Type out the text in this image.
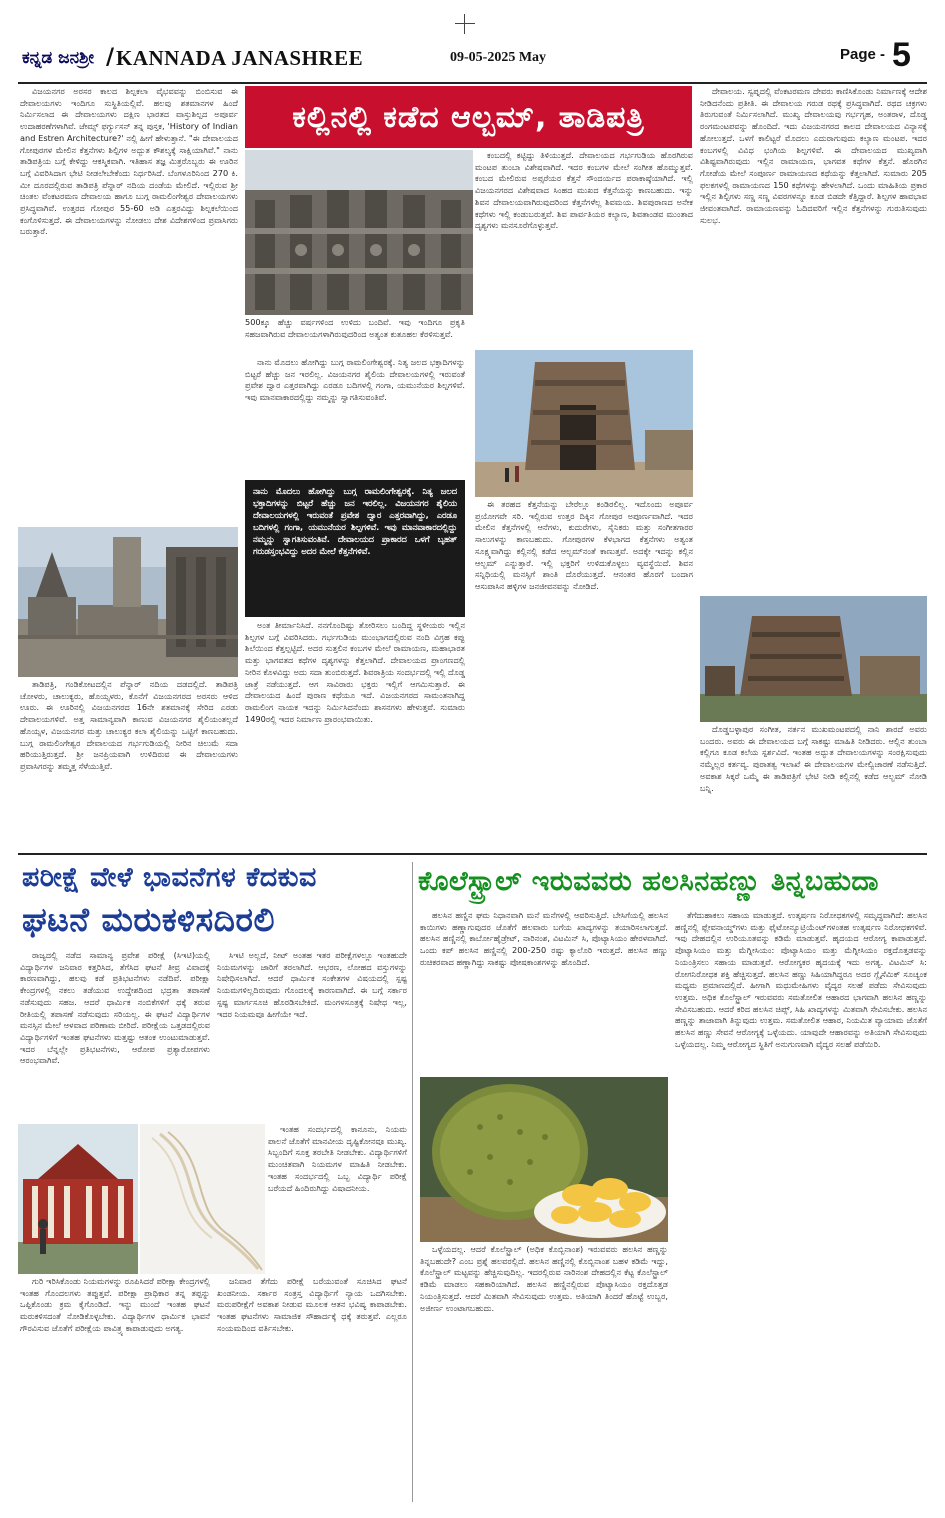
ಕನ್ನಡ ಜನಶ್ರೀ / KANNADA JANASHREE	09-05-2025 May	Page - 5

ವಿಜಯನಗರ ಅರಸರ ಕಾಲದ ಶಿಲ್ಪಕಲಾ ವೈಭವವನ್ನು ಬಿಂಬಿಸುವ ಈ ದೇವಾಲಯಗಳು ಇಂದಿಗೂ ಸುಸ್ಥಿತಿಯಲ್ಲಿವೆ. ಹಲವು ಶತಮಾನಗಳ ಹಿಂದೆ ನಿರ್ಮಿಸಲಾದ ಈ ದೇವಾಲಯಗಳು ದಕ್ಷಿಣ ಭಾರತದ ವಾಸ್ತುಶಿಲ್ಪದ ಅಪೂರ್ವ ಉದಾಹರಣೆಗಳಾಗಿವೆ. ಜೇಮ್ಸ್ ಫರ್ಗ್ಯುಸನ್ ತನ್ನ ಪುಸ್ತಕ, 'History of Indian and Estren Architecture?' ನಲ್ಲಿ ಹೀಗೆ ಹೇಳುತ್ತಾನೆ. "ಈ ದೇವಾಲಯದ ಗೋಪುರಗಳ ಮೇಲಿನ ಕೆತ್ತನೆಗಳು ಶಿಲ್ಪಿಗಳ ಅದ್ಭುತ ಕೌಶಲ್ಯಕ್ಕೆ ಸಾಕ್ಷಿಯಾಗಿವೆ." ನಾನು ತಾಡಿಪತ್ರಿಯ ಬಗ್ಗೆ ಕೇಳಿದ್ದು ಆಕಸ್ಮಿಕವಾಗಿ. ಇತಿಹಾಸ ತಜ್ಞ ಮಿತ್ರರೊಬ್ಬರು ಈ ಊರಿನ ಬಗ್ಗೆ ವಿವರಿಸಿದಾಗ ಭೇಟಿ ನೀಡಲೇಬೇಕೆಂದು ನಿರ್ಧರಿಸಿದೆ. ಬೆಂಗಳೂರಿನಿಂದ 270 ಕಿ. ಮೀ ದೂರದಲ್ಲಿರುವ ತಾಡಿಪತ್ರಿ ಪೆನ್ನಾರ್ ನದಿಯ ದಂಡೆಯ ಮೇಲಿದೆ. ಇಲ್ಲಿರುವ ಶ್ರೀ ಚಿಂತಲ ವೆಂಕಟರಮಣ ದೇವಾಲಯ ಹಾಗೂ ಬುಗ್ಗ ರಾಮಲಿಂಗೇಶ್ವರ ದೇವಾಲಯಗಳು ಪ್ರಸಿದ್ಧವಾಗಿವೆ. ಉತ್ತರದ ಗೋಪುರ 55-60 ಅಡಿ ಎತ್ತರವಿದ್ದು ಶಿಲ್ಪಕಲೆಯಿಂದ ಕಂಗೊಳಿಸುತ್ತದೆ. ಈ ದೇವಾಲಯಗಳನ್ನು ನೋಡಲು ದೇಶ ವಿದೇಶಗಳಿಂದ ಪ್ರವಾಸಿಗರು ಬರುತ್ತಾರೆ.

ತಾಡಿಪತ್ರಿ, ಗಂಡಿಕೋಟದಲ್ಲಿನ ಪೆನ್ನಾರ್ ನದಿಯ ದಡದಲ್ಲಿದೆ. ತಾಡಿಪತ್ರಿ ಚೋಳರು, ಚಾಲುಕ್ಯರು, ಹೊಯ್ಸಳರು, ಕೊನೆಗೆ ವಿಜಯನಗರದ ಅರಸರು ಆಳಿದ ಊರು. ಈ ಊರಿನಲ್ಲಿ ವಿಜಯನಗರದ 16ನೇ ಶತಮಾನಕ್ಕೆ ಸೇರಿದ ಎರಡು ದೇವಾಲಯಗಳಿವೆ. ಅತ್ತ ಸಾಮಾನ್ಯವಾಗಿ ಕಾಣುವ ವಿಜಯನಗರ ಶೈಲಿಯಂತಲ್ಲದೆ ಹೊಯ್ಸಳ, ವಿಜಯನಗರ ಮತ್ತು ಚಾಲುಕ್ಯರ ಕಲಾ ಶೈಲಿಯನ್ನು ಒಟ್ಟಿಗೆ ಕಾಣಬಹುದು. ಬುಗ್ಗ ರಾಮಲಿಂಗೇಶ್ವರ ದೇವಾಲಯದ ಗರ್ಭಗುಡಿಯಲ್ಲಿ ನೀರಿನ ಚಿಲುಮೆ ಸದಾ ಹರಿಯುತ್ತಿರುತ್ತದೆ. ಶ್ರೀ ಜನಪ್ರಿಯವಾಗಿ ಉಳಿದಿರುವ ಈ ದೇವಾಲಯಗಳು ಪ್ರವಾಸಿಗರನ್ನು ತಮ್ಮತ್ತ ಸೆಳೆಯುತ್ತಿವೆ.

ಕಲ್ಲಿನಲ್ಲಿ ಕಡೆದ ಆಲ್ಬಮ್, ತಾಡಿಪತ್ರಿ
500ಕ್ಕೂ ಹೆಚ್ಚು ವರ್ಷಗಳಿಂದ ಉಳಿದು ಬಂದಿವೆ. ಇವು ಇಂದಿಗೂ ಪ್ರಕೃತಿ ಸಹಜವಾಗಿರುವ ದೇವಾಲಯಗಳಾಗಿರುವುದರಿಂದ ಅತ್ಯಂತ ಕುತೂಹಲ ಕೆರಳಿಸುತ್ತವೆ.

ನಾನು ಮೊದಲು ಹೋಗಿದ್ದು ಬುಗ್ಗ ರಾಮಲಿಂಗೇಶ್ವರಕ್ಕೆ. ನಿತ್ಯ ಜಲದ ಭಕ್ತಾದಿಗಳನ್ನು ಬಿಟ್ಟರೆ ಹೆಚ್ಚು ಜನ ಇರಲಿಲ್ಲ. ವಿಜಯನಗರ ಶೈಲಿಯ ದೇವಾಲಯಗಳಲ್ಲಿ ಇರುವಂತೆ ಪ್ರವೇಶ ದ್ವಾರ ಎತ್ತರವಾಗಿದ್ದು ಎರಡೂ ಬದಿಗಳಲ್ಲಿ ಗಂಗಾ, ಯಮುನೆಯರ ಶಿಲ್ಪಗಳಿವೆ. ಇವು ಮಾನವಾಕಾರದಲ್ಲಿದ್ದು ನಮ್ಮನ್ನು ಸ್ವಾಗತಿಸುವಂತಿವೆ.

ನಾನು ಮೊದಲು ಹೋಗಿದ್ದು ಬುಗ್ಗ ರಾಮಲಿಂಗೇಶ್ವರಕ್ಕೆ. ನಿತ್ಯ ಜಲದ ಭಕ್ತಾದಿಗಳನ್ನು ಬಿಟ್ಟರೆ ಹೆಚ್ಚು ಜನ ಇರಲಿಲ್ಲ. ವಿಜಯನಗರ ಶೈಲಿಯ ದೇವಾಲಯಗಳಲ್ಲಿ ಇರುವಂತೆ ಪ್ರವೇಶ ದ್ವಾರ ಎತ್ತರವಾಗಿದ್ದು, ಎರಡೂ ಬದಿಗಳಲ್ಲಿ ಗಂಗಾ, ಯಮುನೆಯರ ಶಿಲ್ಪಗಳಿವೆ. ಇವು ಮಾನವಾಕಾರದಲ್ಲಿದ್ದು ನಮ್ಮನ್ನು ಸ್ವಾಗತಿಸುವಂತಿವೆ. ದೇವಾಲಯದ ಪ್ರಾಕಾರದ ಒಳಗೆ ಬೃಹತ್ ಗರುಡಸ್ತಂಭವಿದ್ದು ಅದರ ಮೇಲೆ ಕೆತ್ತನೆಗಳಿವೆ.

ಅಂತ ತೀರ್ಮಾನಿಸಿದೆ. ನನಗೊಂದಿಷ್ಟು ತೋರಿಸಲು ಬಂದಿದ್ದ ಸ್ಥಳೀಯರು ಇಲ್ಲಿನ ಶಿಲ್ಪಗಳ ಬಗ್ಗೆ ವಿವರಿಸಿದರು. ಗರ್ಭಗುಡಿಯ ಮುಂಭಾಗದಲ್ಲಿರುವ ನಂದಿ ವಿಗ್ರಹ ಕಪ್ಪು ಶಿಲೆಯಿಂದ ಕೆತ್ತಲ್ಪಟ್ಟಿದೆ. ಅದರ ಸುತ್ತಲಿನ ಕಂಬಗಳ ಮೇಲೆ ರಾಮಾಯಣ, ಮಹಾಭಾರತ ಮತ್ತು ಭಾಗವತದ ಕಥೆಗಳ ದೃಶ್ಯಗಳನ್ನು ಕೆತ್ತಲಾಗಿದೆ. ದೇವಾಲಯದ ಪ್ರಾಂಗಣದಲ್ಲಿ ನೀರಿನ ಕೊಳವಿದ್ದು ಅದು ಸದಾ ತುಂಬಿರುತ್ತದೆ. ಶಿವರಾತ್ರಿಯ ಸಂದರ್ಭದಲ್ಲಿ ಇಲ್ಲಿ ದೊಡ್ಡ ಜಾತ್ರೆ ನಡೆಯುತ್ತದೆ. ಆಗ ಸಾವಿರಾರು ಭಕ್ತರು ಇಲ್ಲಿಗೆ ಆಗಮಿಸುತ್ತಾರೆ. ಈ ದೇವಾಲಯದ ಹಿಂದೆ ಪುರಾಣ ಕಥೆಯೂ ಇದೆ. ವಿಜಯನಗರದ ಸಾಮಂತನಾಗಿದ್ದ ರಾಮಲಿಂಗ ನಾಯಕ ಇದನ್ನು ನಿರ್ಮಿಸಿದನೆಂದು ಶಾಸನಗಳು ಹೇಳುತ್ತವೆ. ಸುಮಾರು 1490ರಲ್ಲಿ ಇದರ ನಿರ್ಮಾಣ ಪ್ರಾರಂಭವಾಯಿತು.

ಕಂಬದಲ್ಲಿ ಕಟ್ಟಿದ್ದು ತಿಳಿಯುತ್ತದೆ. ದೇವಾಲಯದ ಗರ್ಭಗುಡಿಯ ಹೊರಗಿರುವ ಮಂಟಪ ತುಂಬಾ ವಿಶೇಷವಾಗಿದೆ. ಇದರ ಕಂಬಗಳ ಮೇಲೆ ಸಂಗೀತ ಹೊಮ್ಮುತ್ತವೆ. ಕಂಬದ ಮೇಲಿರುವ ಅಪ್ಸರೆಯರ ಕೆತ್ತನೆ ಸೌಂದರ್ಯದ ಪರಾಕಾಷ್ಠೆಯಾಗಿದೆ. ಇಲ್ಲಿ ವಿಜಯನಗರದ ವಿಶೇಷವಾದ ಸಿಂಹದ ಮುಖದ ಕೆತ್ತನೆಯನ್ನು ಕಾಣಬಹುದು. ಇನ್ನು ಶಿವನ ದೇವಾಲಯವಾಗಿರುವುದರಿಂದ ಕೆತ್ತನೆಗಳೆಲ್ಲ ಶಿವಮಯ. ಶಿವಪುರಾಣದ ಅನೇಕ ಕಥೆಗಳು ಇಲ್ಲಿ ಕಂಡುಬರುತ್ತವೆ. ಶಿವ ಪಾರ್ವತಿಯರ ಕಲ್ಯಾಣ, ಶಿವತಾಂಡವ ಮುಂತಾದ ದೃಶ್ಯಗಳು ಮನಸೂರೆಗೊಳ್ಳುತ್ತವೆ.

ಈ ತರಹದ ಕೆತ್ತನೆಯನ್ನು ಬೇರೆಲ್ಲೂ ಕಂಡಿರಲಿಲ್ಲ. ಇದೊಂದು ಅಪೂರ್ವ ಪ್ರಯೋಗವೇ ಸರಿ. ಇಲ್ಲಿರುವ ಉತ್ತರ ದಿಕ್ಕಿನ ಗೋಪುರ ಅಪೂರ್ಣವಾಗಿದೆ. ಇದರ ಮೇಲಿನ ಕೆತ್ತನೆಗಳಲ್ಲಿ ಆನೆಗಳು, ಕುದುರೆಗಳು, ಸೈನಿಕರು ಮತ್ತು ಸಂಗೀತಗಾರರ ಸಾಲುಗಳನ್ನು ಕಾಣಬಹುದು. ಗೋಪುರಗಳ ಕೆಳಭಾಗದ ಕೆತ್ತನೆಗಳು ಅತ್ಯಂತ ಸೂಕ್ಷ್ಮವಾಗಿದ್ದು ಕಲ್ಲಿನಲ್ಲಿ ಕಡೆದ ಆಲ್ಬಮ್‌ನಂತೆ ಕಾಣುತ್ತವೆ. ಅದಕ್ಕೇ ಇದನ್ನು ಕಲ್ಲಿನ ಆಲ್ಬಮ್ ಎನ್ನುತ್ತಾರೆ. ಇಲ್ಲಿ ಭಕ್ತರಿಗೆ ಉಳಿದುಕೊಳ್ಳಲು ವ್ಯವಸ್ಥೆಯಿದೆ. ಶಿವನ ಸನ್ನಿಧಿಯಲ್ಲಿ ಮನಸ್ಸಿಗೆ ಶಾಂತಿ ದೊರೆಯುತ್ತದೆ. ಆನಂತರ ಹೊರಗೆ ಬಂದಾಗ ಆಸುಪಾಸಿನ ಹಳ್ಳಿಗಳ ಜನಜೀವನವನ್ನು ನೋಡಿದೆ.

ದೇವಾಲಯ. ಸ್ವಪ್ನದಲ್ಲಿ ವೆಂಕಟರಮಣ ದೇವರು ಕಾಣಿಸಿಕೊಂಡು ನಿರ್ಮಾಣಕ್ಕೆ ಆದೇಶ ನೀಡಿದನೆಂದು ಪ್ರತೀತಿ. ಈ ದೇವಾಲಯ ಗರುಡ ರಥಕ್ಕೆ ಪ್ರಸಿದ್ಧವಾಗಿದೆ. ರಥದ ಚಕ್ರಗಳು ತಿರುಗುವಂತೆ ನಿರ್ಮಿಸಲಾಗಿದೆ. ಮುಖ್ಯ ದೇವಾಲಯವು ಗರ್ಭಗೃಹ, ಅಂತರಾಳ, ದೊಡ್ಡ ರಂಗಮಂಟಪವನ್ನು ಹೊಂದಿದೆ. ಇದು ವಿಜಯನಗರದ ಕಾಲದ ದೇವಾಲಯದ ವಿನ್ಯಾಸಕ್ಕೆ ಹೋಲುತ್ತದೆ. ಒಳಗೆ ಕಾಲಿಟ್ಟರೆ ಮೊದಲು ಎದುರಾಗುವುದು ಕಲ್ಯಾಣ ಮಂಟಪ. ಇದರ ಕಂಬಗಳಲ್ಲಿ ವಿವಿಧ ಭಂಗಿಯ ಶಿಲ್ಪಗಳಿವೆ. ಈ ದೇವಾಲಯದ ಮುಖ್ಯವಾಗಿ ವಿಶಿಷ್ಟವಾಗಿರುವುದು ಇಲ್ಲಿನ ರಾಮಾಯಣ, ಭಾಗವತ ಕಥೆಗಳ ಕೆತ್ತನೆ. ಹೊರಗಿನ ಗೋಡೆಯ ಮೇಲೆ ಸಂಪೂರ್ಣ ರಾಮಾಯಣದ ಕಥೆಯನ್ನು ಕೆತ್ತಲಾಗಿದೆ. ಸುಮಾರು 205 ಫಲಕಗಳಲ್ಲಿ ರಾಮಾಯಣದ 150 ಕಥೆಗಳನ್ನು ಹೇಳಲಾಗಿದೆ. ಒಂದು ಮಾಹಿತಿಯ ಪ್ರಕಾರ ಇಲ್ಲಿನ ಶಿಲ್ಪಿಗಳು ಸಣ್ಣ ಸಣ್ಣ ವಿವರಗಳನ್ನೂ ಕೂಡ ಬಿಡದೇ ಕೆತ್ತಿದ್ದಾರೆ. ಶಿಲ್ಪಗಳ ಹಾವಭಾವ ಜೀವಂತವಾಗಿದೆ. ರಾಮಾಯಣವನ್ನು ಓದಿದವರಿಗೆ ಇಲ್ಲಿನ ಕೆತ್ತನೆಗಳನ್ನು ಗುರುತಿಸುವುದು ಸುಲಭ.

ದೊಡ್ಡಬಳ್ಳಾಪುರ ಸಂಗೀತ, ನರ್ತನ ಮುಖಮಂಟಪದಲ್ಲಿ ನಾನಿ ಶಾರದೆ ಅವರು ಬಂದರು. ಅವರು ಈ ದೇವಾಲಯದ ಬಗ್ಗೆ ಸಾಕಷ್ಟು ಮಾಹಿತಿ ನೀಡಿದರು. ಆಲ್ಲಿನ ತುಂಬಾ ಕಲ್ಲಿಗೂ ಕೂಡ ಕಲೆಯ ಸ್ಪರ್ಶವಿದೆ. ಇಂತಹ ಅದ್ಭುತ ದೇವಾಲಯಗಳನ್ನು ಸಂರಕ್ಷಿಸುವುದು ನಮ್ಮೆಲ್ಲರ ಕರ್ತವ್ಯ. ಪುರಾತತ್ವ ಇಲಾಖೆ ಈ ದೇವಾಲಯಗಳ ಮೇಲ್ವಿಚಾರಣೆ ನಡೆಸುತ್ತಿದೆ. ಅವಕಾಶ ಸಿಕ್ಕರೆ ಒಮ್ಮೆ ಈ ತಾಡಿಪತ್ರಿಗೆ ಭೇಟಿ ನೀಡಿ ಕಲ್ಲಿನಲ್ಲಿ ಕಡೆದ ಆಲ್ಬಮ್ ನೋಡಿ ಬನ್ನಿ.

ಪರೀಕ್ಷೆ ವೇಳೆ ಭಾವನೆಗಳ ಕೆದಕುವ
ಘಟನೆ ಮರುಕಳಿಸದಿರಲಿ

ರಾಜ್ಯದಲ್ಲಿ ನಡೆದ ಸಾಮಾನ್ಯ ಪ್ರವೇಶ ಪರೀಕ್ಷೆ (ಸಿಇಟಿ)ಯಲ್ಲಿ ವಿದ್ಯಾರ್ಥಿಗಳ ಜನಿವಾರ ಕತ್ತರಿಸಿದ, ತೆಗೆಸಿದ ಘಟನೆ ತೀವ್ರ ವಿವಾದಕ್ಕೆ ಕಾರಣವಾಗಿದ್ದು, ಹಲವು ಕಡೆ ಪ್ರತಿಭಟನೆಗಳು ನಡೆದಿವೆ. ಪರೀಕ್ಷಾ ಕೇಂದ್ರಗಳಲ್ಲಿ ನಕಲು ತಡೆಯುವ ಉದ್ದೇಶದಿಂದ ಭದ್ರತಾ ತಪಾಸಣೆ ನಡೆಸುವುದು ಸಹಜ. ಆದರೆ ಧಾರ್ಮಿಕ ನಂಬಿಕೆಗಳಿಗೆ ಧಕ್ಕೆ ತರುವ ರೀತಿಯಲ್ಲಿ ತಪಾಸಣೆ ನಡೆಸುವುದು ಸರಿಯಲ್ಲ. ಈ ಘಟನೆ ವಿದ್ಯಾರ್ಥಿಗಳ ಮನಸ್ಸಿನ ಮೇಲೆ ಆಳವಾದ ಪರಿಣಾಮ ಬೀರಿದೆ. ಪರೀಕ್ಷೆಯ ಒತ್ತಡದಲ್ಲಿರುವ ವಿದ್ಯಾರ್ಥಿಗಳಿಗೆ ಇಂತಹ ಘಟನೆಗಳು ಮತ್ತಷ್ಟು ಆತಂಕ ಉಂಟುಮಾಡುತ್ತವೆ. ಇದರ ಬೆನ್ನಲ್ಲೇ ಪ್ರತಿಭಟನೆಗಳು, ಆರೋಪ ಪ್ರತ್ಯಾರೋಪಗಳು ಆರಂಭವಾಗಿವೆ.

ಸಿಇಟಿ ಅಲ್ಲದೆ, ನೀಟ್ ಅಂತಹ ಇತರ ಪರೀಕ್ಷೆಗಳಲ್ಲೂ ಇಂತಹುದೇ ನಿಯಮಗಳನ್ನು ಜಾರಿಗೆ ತರಲಾಗಿದೆ. ಆಭರಣ, ಲೋಹದ ವಸ್ತುಗಳನ್ನು ನಿಷೇಧಿಸಲಾಗಿದೆ. ಆದರೆ ಧಾರ್ಮಿಕ ಸಂಕೇತಗಳ ವಿಷಯದಲ್ಲಿ ಸ್ಪಷ್ಟ ನಿಯಮಗಳಿಲ್ಲದಿರುವುದು ಗೊಂದಲಕ್ಕೆ ಕಾರಣವಾಗಿದೆ. ಈ ಬಗ್ಗೆ ಸರ್ಕಾರ ಸ್ಪಷ್ಟ ಮಾರ್ಗಸೂಚಿ ಹೊರಡಿಸಬೇಕಿದೆ. ಮಂಗಳಸೂತ್ರಕ್ಕೆ ನಿಷೇಧ ಇಲ್ಲ, ಇದರ ನಿಯಮವೂ ಹೀಗೆಯೇ ಇದೆ.

ಇಂತಹ ಸಂದರ್ಭದಲ್ಲಿ ಕಾನೂನು, ನಿಯಮ ಪಾಲನೆ ಜೊತೆಗೆ ಮಾನವೀಯ ದೃಷ್ಟಿಕೋನವೂ ಮುಖ್ಯ. ಸಿಬ್ಬಂದಿಗೆ ಸೂಕ್ತ ತರಬೇತಿ ನೀಡಬೇಕು. ವಿದ್ಯಾರ್ಥಿಗಳಿಗೆ ಮುಂಚಿತವಾಗಿ ನಿಯಮಗಳ ಮಾಹಿತಿ ನೀಡಬೇಕು. ಇಂತಹ ಸಂದರ್ಭದಲ್ಲಿ ಒಬ್ಬ ವಿದ್ಯಾರ್ಥಿ ಪರೀಕ್ಷೆ ಬರೆಯದೆ ಹಿಂದಿರುಗಿದ್ದು ವಿಷಾದನೀಯ.

ಗುರಿ ಇರಿಸಿಕೊಂಡು ನಿಯಮಗಳನ್ನು ರೂಪಿಸಿದರೆ ಪರೀಕ್ಷಾ ಕೇಂದ್ರಗಳಲ್ಲಿ ಇಂತಹ ಗೊಂದಲಗಳು ತಪ್ಪುತ್ತವೆ. ಪರೀಕ್ಷಾ ಪ್ರಾಧಿಕಾರ ತನ್ನ ತಪ್ಪನ್ನು ಒಪ್ಪಿಕೊಂಡು ಕ್ರಮ ಕೈಗೊಂಡಿದೆ. ಇನ್ನು ಮುಂದೆ ಇಂತಹ ಘಟನೆ ಮರುಕಳಿಸದಂತೆ ನೋಡಿಕೊಳ್ಳಬೇಕು. ವಿದ್ಯಾರ್ಥಿಗಳ ಧಾರ್ಮಿಕ ಭಾವನೆ ಗೌರವಿಸುವ ಜೊತೆಗೆ ಪರೀಕ್ಷೆಯ ಪಾವಿತ್ರ್ಯ ಕಾಪಾಡುವುದು ಅಗತ್ಯ.

ಜನಿವಾರ ತೆಗೆದು ಪರೀಕ್ಷೆ ಬರೆಯುವಂತೆ ಸೂಚಿಸಿದ ಘಟನೆ ಖಂಡನೀಯ. ಸರ್ಕಾರ ಸಂತ್ರಸ್ತ ವಿದ್ಯಾರ್ಥಿಗೆ ನ್ಯಾಯ ಒದಗಿಸಬೇಕು. ಮರುಪರೀಕ್ಷೆಗೆ ಅವಕಾಶ ನೀಡುವ ಮೂಲಕ ಆತನ ಭವಿಷ್ಯ ಕಾಪಾಡಬೇಕು. ಇಂತಹ ಘಟನೆಗಳು ಸಾಮಾಜಿಕ ಸೌಹಾರ್ದಕ್ಕೆ ಧಕ್ಕೆ ತರುತ್ತವೆ. ಎಲ್ಲರೂ ಸಂಯಮದಿಂದ ವರ್ತಿಸಬೇಕು.

ಕೊಲೆಸ್ಟ್ರಾಲ್ ಇರುವವರು ಹಲಸಿನಹಣ್ಣು ತಿನ್ನಬಹುದಾ

ಹಲಸಿನ ಹಣ್ಣಿನ ಘಮ ನಿಧಾನವಾಗಿ ಮನೆ ಮನೆಗಳಲ್ಲಿ ಆವರಿಸುತ್ತಿದೆ. ಬೇಸಿಗೆಯಲ್ಲಿ ಹಲಸಿನ ಕಾಯಿಗಳು ಹಣ್ಣಾಗುವುದರ ಜೊತೆಗೆ ಹಲವಾರು ಬಗೆಯ ಖಾದ್ಯಗಳನ್ನು ತಯಾರಿಸಲಾಗುತ್ತದೆ. ಹಲಸಿನ ಹಣ್ಣಿನಲ್ಲಿ ಕಾರ್ಬೋಹೈಡ್ರೇಟ್, ನಾರಿನಂಶ, ವಿಟಮಿನ್ ಸಿ, ಪೊಟ್ಯಾಸಿಯಂ ಹೇರಳವಾಗಿದೆ. ಒಂದು ಕಪ್ ಹಲಸಿನ ಹಣ್ಣಿನಲ್ಲಿ 200-250 ರಷ್ಟು ಕ್ಯಾಲೊರಿ ಇರುತ್ತದೆ. ಹಲಸಿನ ಹಣ್ಣು ರುಚಿಕರವಾದ ಹಣ್ಣಾಗಿದ್ದು ಸಾಕಷ್ಟು ಪೋಷಕಾಂಶಗಳನ್ನು ಹೊಂದಿದೆ.

ಒಳ್ಳೆಯದಲ್ಲ. ಆದರೆ ಕೊಲೆಸ್ಟ್ರಾಲ್ (ಅಧಿಕ ಕೊಬ್ಬಿನಾಂಶ) ಇರುವವರು ಹಲಸಿನ ಹಣ್ಣನ್ನು ತಿನ್ನಬಹುದೇ? ಎಂಬ ಪ್ರಶ್ನೆ ಹಲವರಲ್ಲಿದೆ. ಹಲಸಿನ ಹಣ್ಣಿನಲ್ಲಿ ಕೊಬ್ಬಿನಾಂಶ ಬಹಳ ಕಡಿಮೆ ಇದ್ದು, ಕೊಲೆಸ್ಟ್ರಾಲ್ ಮಟ್ಟವನ್ನು ಹೆಚ್ಚಿಸುವುದಿಲ್ಲ. ಇದರಲ್ಲಿರುವ ನಾರಿನಂಶ ದೇಹದಲ್ಲಿನ ಕೆಟ್ಟ ಕೊಲೆಸ್ಟ್ರಾಲ್ ಕಡಿಮೆ ಮಾಡಲು ಸಹಕಾರಿಯಾಗಿದೆ. ಹಲಸಿನ ಹಣ್ಣಿನಲ್ಲಿರುವ ಪೊಟ್ಯಾಸಿಯಂ ರಕ್ತದೊತ್ತಡ ನಿಯಂತ್ರಿಸುತ್ತದೆ. ಆದರೆ ಮಿತವಾಗಿ ಸೇವಿಸುವುದು ಉತ್ತಮ. ಅತಿಯಾಗಿ ತಿಂದರೆ ಹೊಟ್ಟೆ ಉಬ್ಬರ, ಅಜೀರ್ಣ ಉಂಟಾಗಬಹುದು.

ತೆಗೆದುಹಾಕಲು ಸಹಾಯ ಮಾಡುತ್ತದೆ. ಉತ್ಕರ್ಷಣ ನಿರೋಧಕಗಳಲ್ಲಿ ಸಮೃದ್ಧವಾಗಿದೆ: ಹಲಸಿನ ಹಣ್ಣಿನಲ್ಲಿ ಫ್ಲೇವನಾಯ್ಡ್‌ಗಳು ಮತ್ತು ಫೈಟೋನ್ಯೂಟ್ರಿಯೆಂಟ್‌ಗಳಂತಹ ಉತ್ಕರ್ಷಣ ನಿರೋಧಕಗಳಿವೆ. ಇವು ದೇಹದಲ್ಲಿನ ಉರಿಯೂತವನ್ನು ಕಡಿಮೆ ಮಾಡುತ್ತವೆ. ಹೃದಯದ ಆರೋಗ್ಯ ಕಾಪಾಡುತ್ತವೆ. ಪೊಟ್ಯಾಸಿಯಂ ಮತ್ತು ಮೆಗ್ನೀಸಿಯಂ: ಪೊಟ್ಯಾಸಿಯಂ ಮತ್ತು ಮೆಗ್ನೀಸಿಯಂ ರಕ್ತದೊತ್ತಡವನ್ನು ನಿಯಂತ್ರಿಸಲು ಸಹಾಯ ಮಾಡುತ್ತವೆ. ಆರೋಗ್ಯಕರ ಹೃದಯಕ್ಕೆ ಇದು ಅಗತ್ಯ. ವಿಟಮಿನ್ ಸಿ: ರೋಗನಿರೋಧಕ ಶಕ್ತಿ ಹೆಚ್ಚಿಸುತ್ತದೆ. ಹಲಸಿನ ಹಣ್ಣು ಸಿಹಿಯಾಗಿದ್ದರೂ ಅದರ ಗ್ಲೈಸೆಮಿಕ್ ಸೂಚ್ಯಂಕ ಮಧ್ಯಮ ಪ್ರಮಾಣದಲ್ಲಿದೆ. ಹೀಗಾಗಿ ಮಧುಮೇಹಿಗಳು ವೈದ್ಯರ ಸಲಹೆ ಪಡೆದು ಸೇವಿಸುವುದು ಉತ್ತಮ. ಅಧಿಕ ಕೊಲೆಸ್ಟ್ರಾಲ್ ಇರುವವರು ಸಮತೋಲಿತ ಆಹಾರದ ಭಾಗವಾಗಿ ಹಲಸಿನ ಹಣ್ಣನ್ನು ಸೇವಿಸಬಹುದು. ಆದರೆ ಕರಿದ ಹಲಸಿನ ಚಿಪ್ಸ್, ಸಿಹಿ ಖಾದ್ಯಗಳನ್ನು ಮಿತವಾಗಿ ಸೇವಿಸಬೇಕು. ಹಲಸಿನ ಹಣ್ಣನ್ನು ತಾಜಾವಾಗಿ ತಿನ್ನುವುದು ಉತ್ತಮ. ಸಮತೋಲಿತ ಆಹಾರ, ನಿಯಮಿತ ವ್ಯಾಯಾಮ ಜೊತೆಗೆ ಹಲಸಿನ ಹಣ್ಣು ಸೇವನೆ ಆರೋಗ್ಯಕ್ಕೆ ಒಳ್ಳೆಯದು. ಯಾವುದೇ ಆಹಾರವನ್ನು ಅತಿಯಾಗಿ ಸೇವಿಸುವುದು ಒಳ್ಳೆಯದಲ್ಲ. ನಿಮ್ಮ ಆರೋಗ್ಯದ ಸ್ಥಿತಿಗೆ ಅನುಗುಣವಾಗಿ ವೈದ್ಯರ ಸಲಹೆ ಪಡೆಯಿರಿ.
